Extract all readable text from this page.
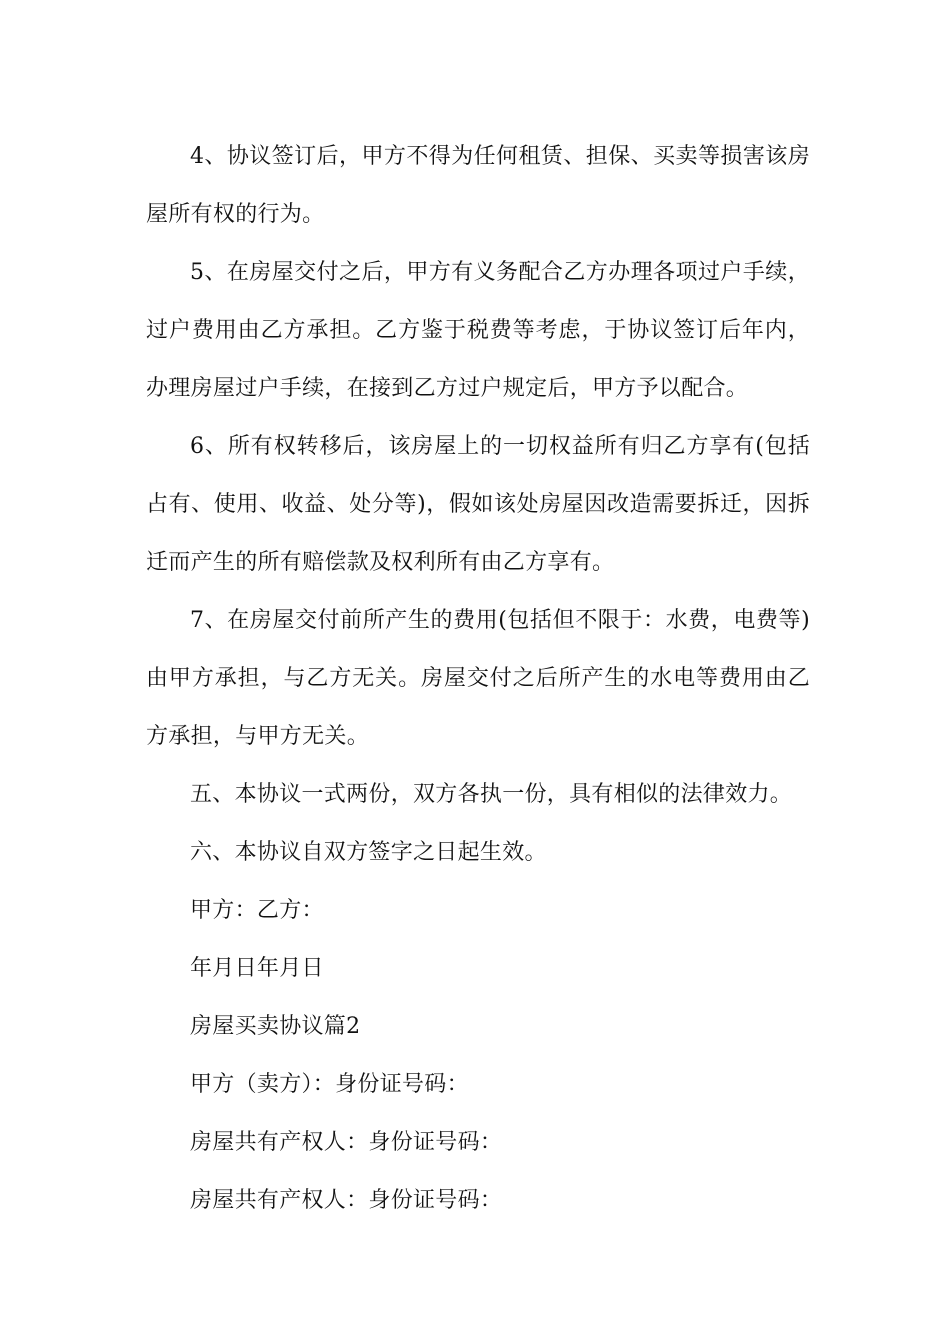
4、协议签订后，甲方不得为任何租赁、担保、买卖等损害该房屋所有权的行为。

5、在房屋交付之后，甲方有义务配合乙方办理各项过户手续，过户费用由乙方承担。乙方鉴于税费等考虑，于协议签订后年内，办理房屋过户手续，在接到乙方过户规定后，甲方予以配合。

6、所有权转移后，该房屋上的一切权益所有归乙方享有(包括占有、使用、收益、处分等)，假如该处房屋因改造需要拆迁，因拆迁而产生的所有赔偿款及权利所有由乙方享有。

7、在房屋交付前所产生的费用(包括但不限于：水费，电费等)由甲方承担，与乙方无关。房屋交付之后所产生的水电等费用由乙方承担，与甲方无关。

五、本协议一式两份，双方各执一份，具有相似的法律效力。

六、本协议自双方签字之日起生效。

甲方：乙方：

年月日年月日

房屋买卖协议篇2

甲方（卖方）：身份证号码：

房屋共有产权人：身份证号码：

房屋共有产权人：身份证号码：
